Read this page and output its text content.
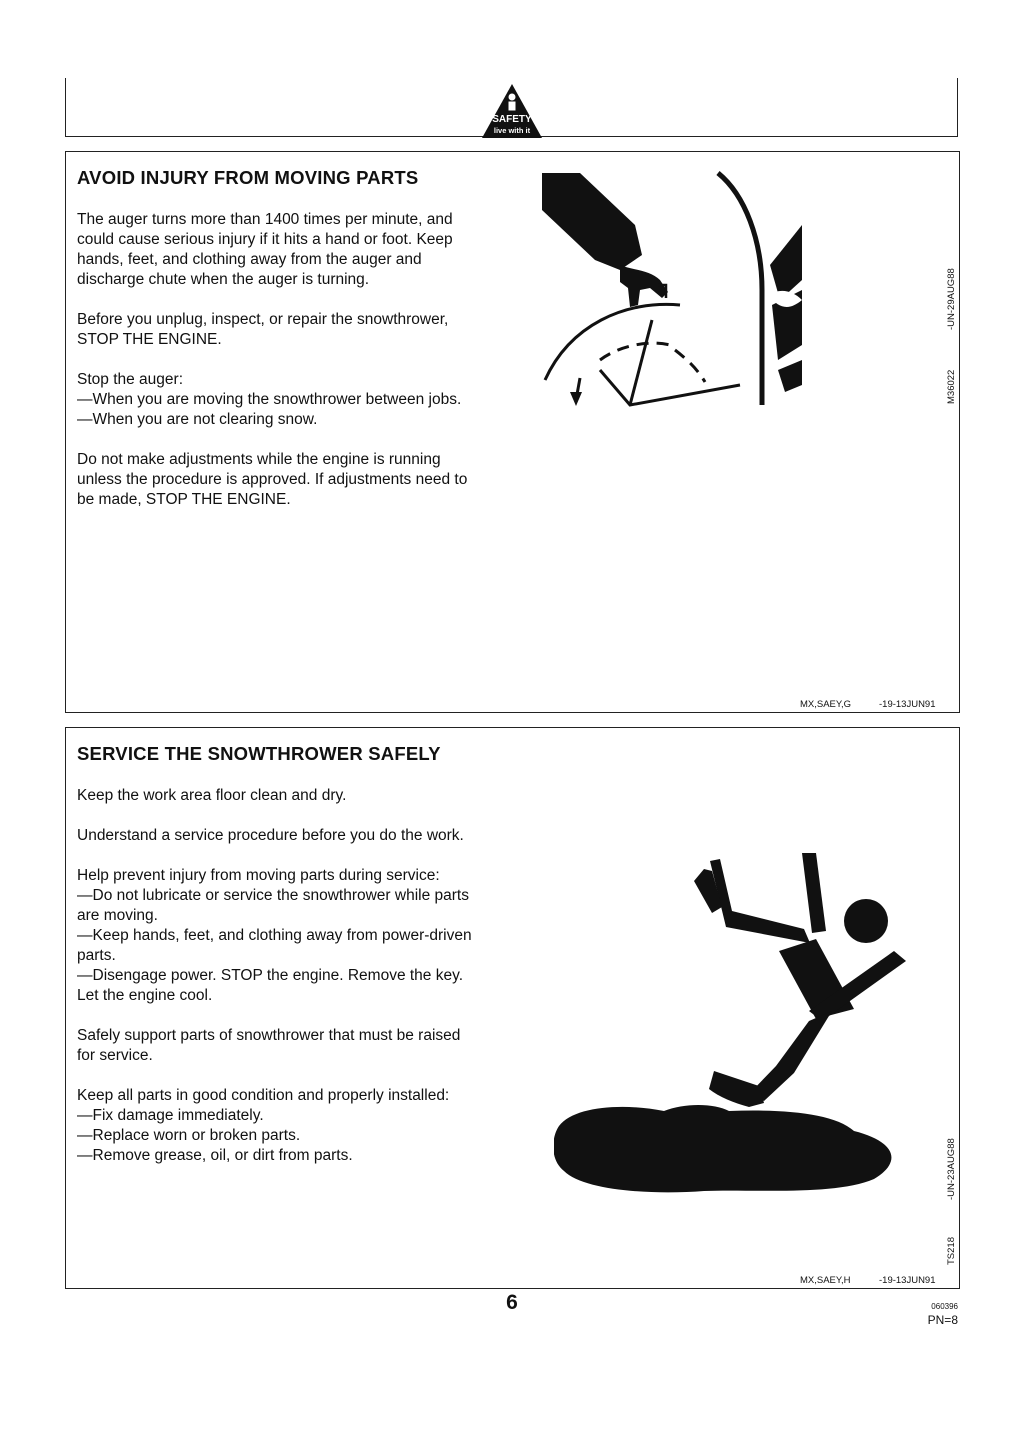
SAFETY
live with it
AVOID INJURY FROM MOVING PARTS

The auger turns more than 1400 times per minute, and
could cause serious injury if it hits a hand or foot. Keep
hands, feet, and clothing away from the auger and
discharge chute when the auger is turning.

Before you unplug, inspect, or repair the snowthrower,
STOP THE ENGINE.

Stop the auger:
—When you are moving the snowthrower between jobs.
—When you are not clearing snow.

Do not make adjustments while the engine is running
unless the procedure is approved. If adjustments need to
be made, STOP THE ENGINE.

M36022
-UN-29AUG88
MX,SAEY,G	-19-13JUN91
SERVICE THE SNOWTHROWER SAFELY

Keep the work area floor clean and dry.

Understand a service procedure before you do the work.

Help prevent injury from moving parts during service:
—Do not lubricate or service the snowthrower while parts
are moving.
—Keep hands, feet, and clothing away from power-driven
parts.
—Disengage power. STOP the engine. Remove the key.
Let the engine cool.

Safely support parts of snowthrower that must be raised
for service.

Keep all parts in good condition and properly installed:
—Fix damage immediately.
—Replace worn or broken parts.
—Remove grease, oil, or dirt from parts.

TS218
-UN-23AUG88
MX,SAEY,H	-19-13JUN91
6	060396
PN=8
